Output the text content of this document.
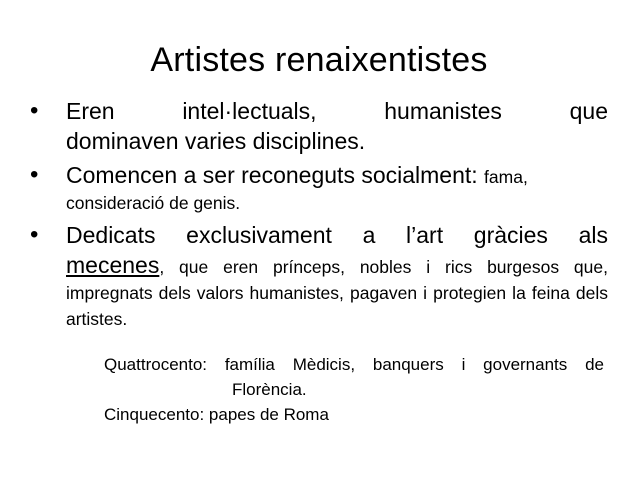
Artistes renaixentistes
• Eren	intel·lectuals,	humanistes	que
dominaven varies disciplines.
• Comencen a ser reconeguts socialment: fama,
consideració de genis.
• Dedicats exclusivament a l’art gràcies als
mecenes, que eren prínceps, nobles i rics burgesos que, impregnats dels valors humanistes, pagaven i protegien la feina dels artistes.
Quattrocento: família Mèdicis, banquers i governants de
Florència.
Cinquecento: papes de Roma
